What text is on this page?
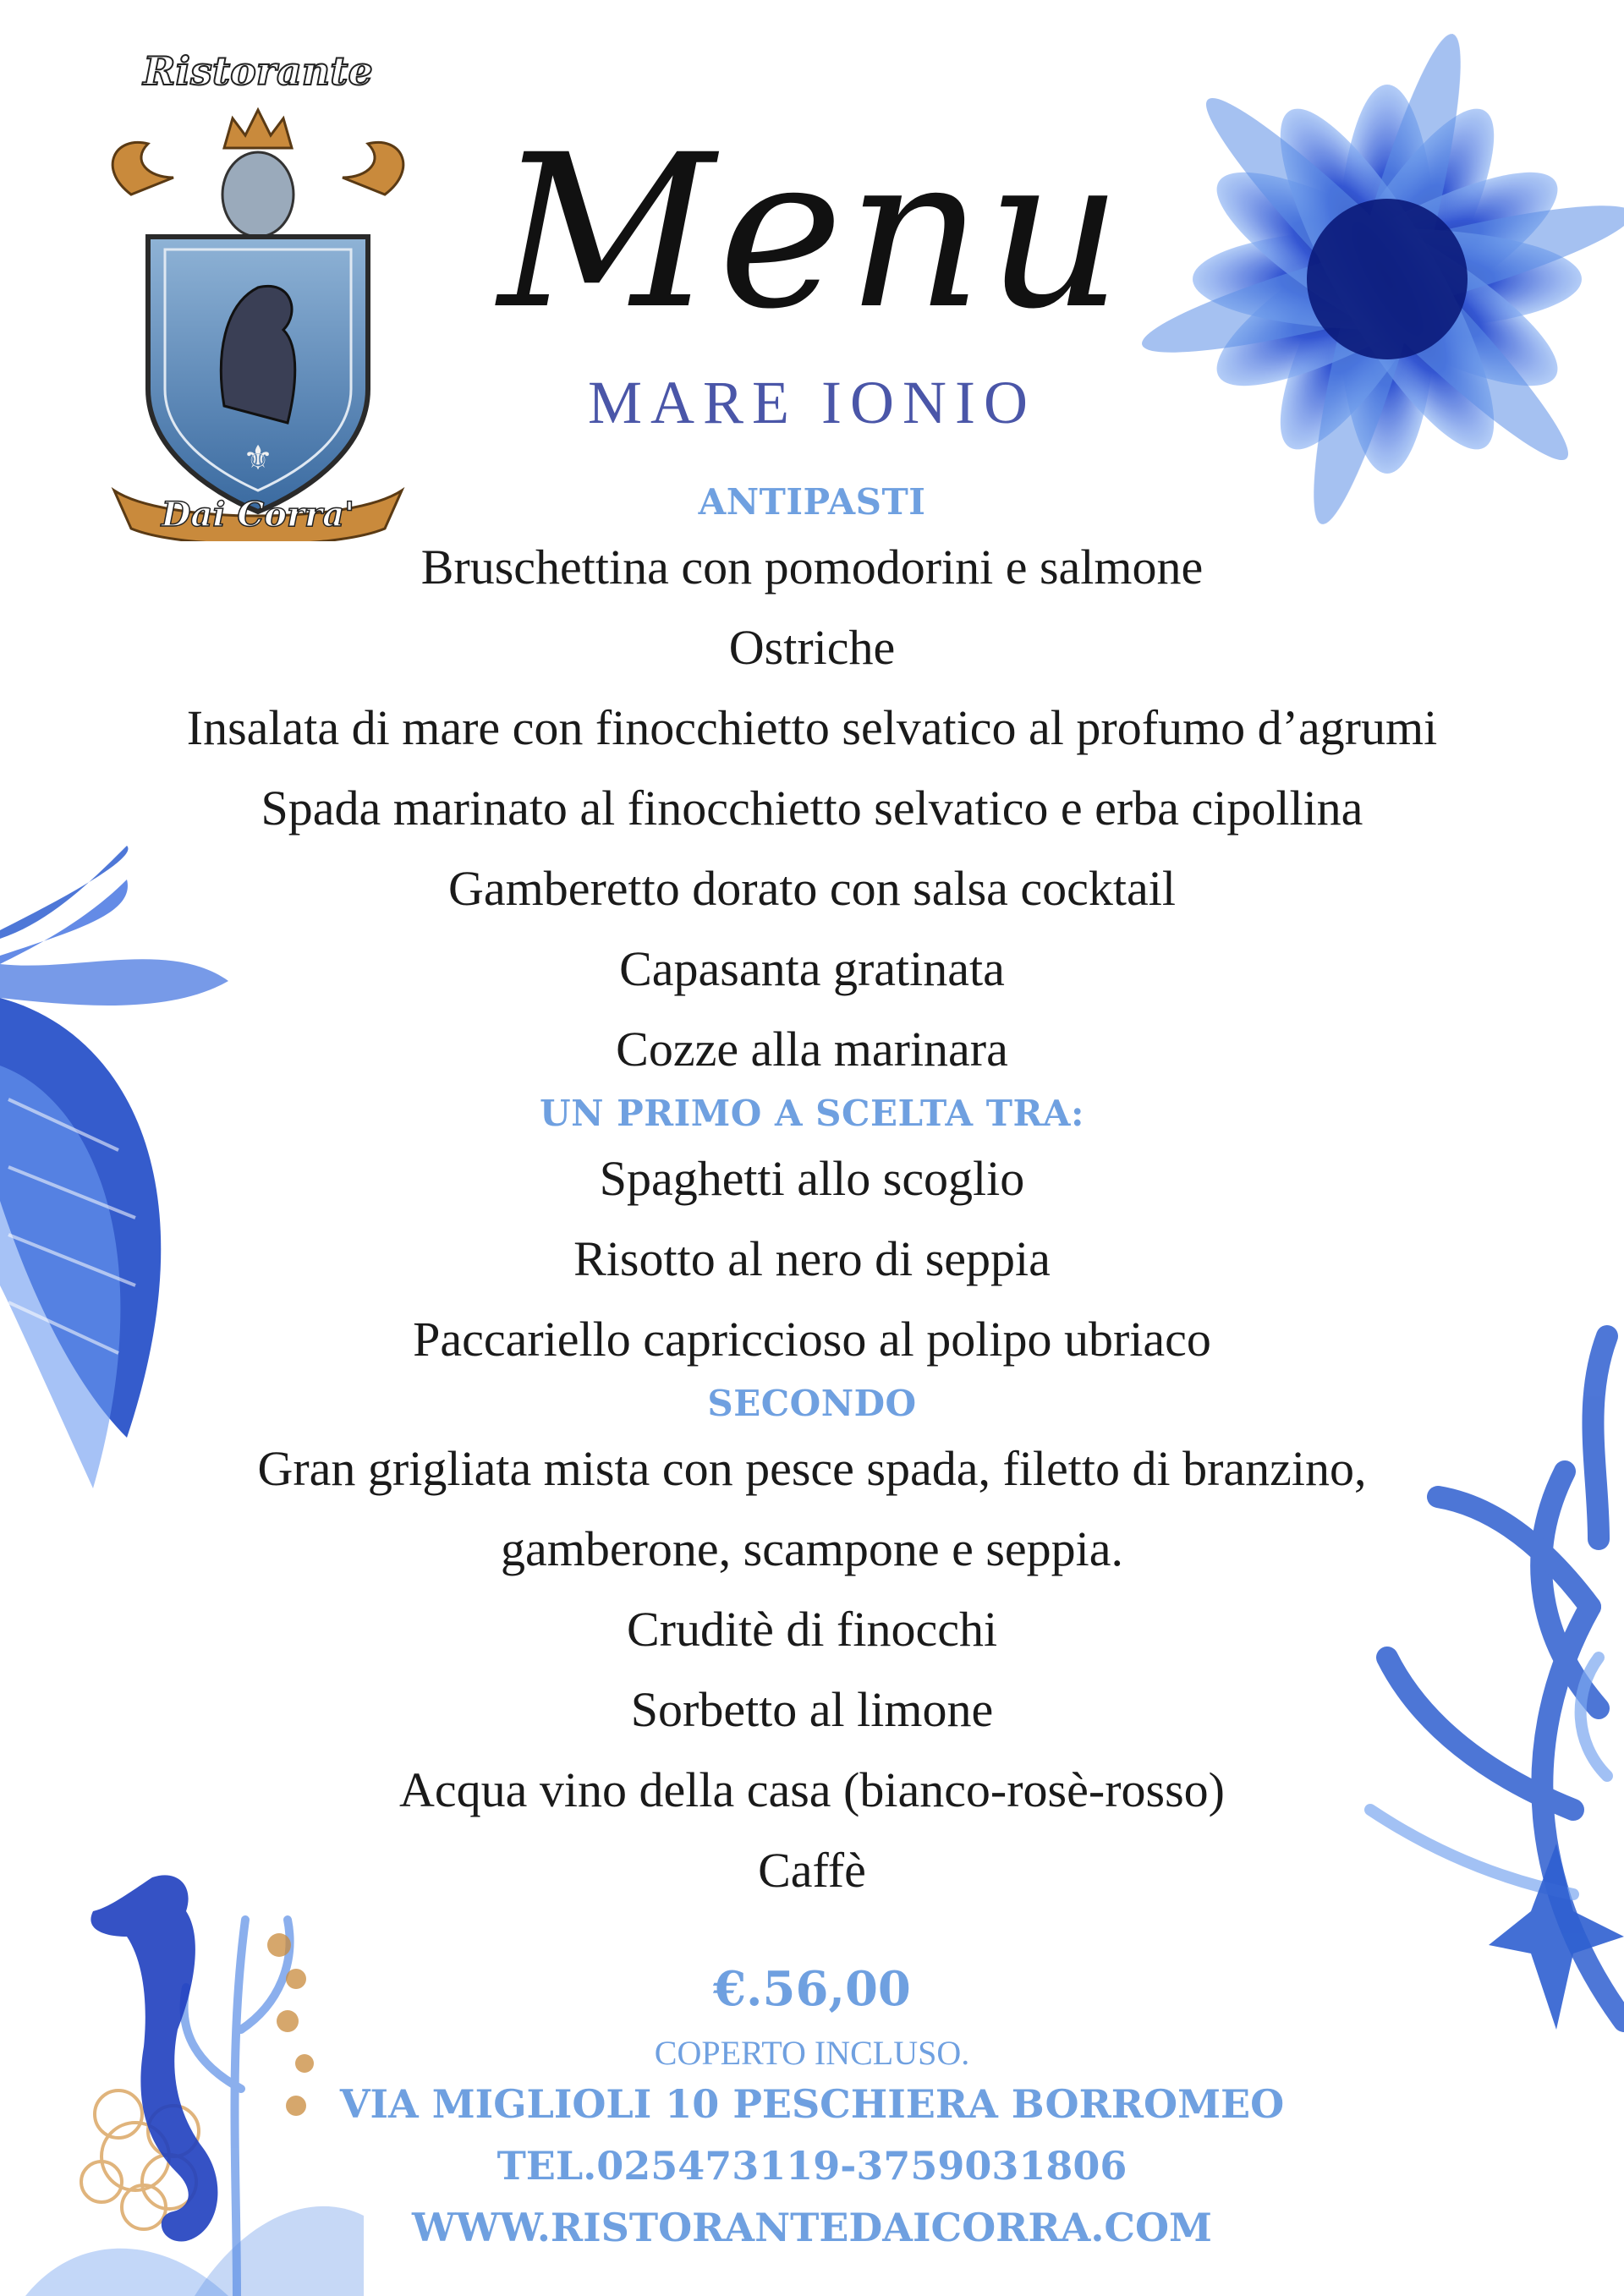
Ristorante
⚜
Dai Corra'
Menu
MARE IONIO

ANTIPASTI

Bruschettina con pomodorini e salmone

Ostriche

Insalata di mare con finocchietto selvatico al profumo d’agrumi

Spada marinato al finocchietto selvatico e erba cipollina

Gamberetto dorato con salsa cocktail

Capasanta gratinata

Cozze alla marinara

UN PRIMO A SCELTA TRA:

Spaghetti allo scoglio

Risotto al nero di seppia

Paccariello capriccioso al polipo ubriaco

SECONDO

Gran grigliata mista con pesce spada, filetto di branzino,

gamberone, scampone e seppia.

Cruditè di finocchi

Sorbetto al limone

Acqua vino della casa (bianco-rosè-rosso)

Caffè

€.56,00
COPERTO INCLUSO.
VIA MIGLIOLI 10 PESCHIERA BORROMEO
TEL.025473119-3759031806
WWW.RISTORANTEDAICORRA.COM
